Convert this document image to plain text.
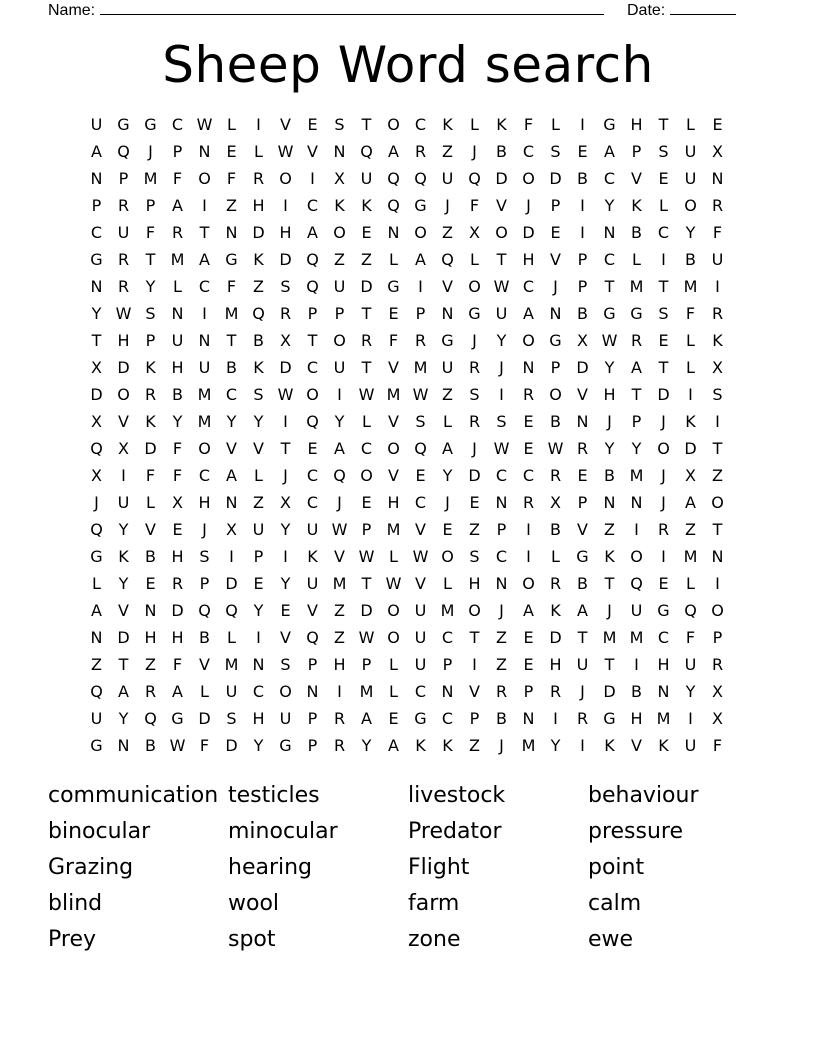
Name:	Date:
Sheep Word search
U G G C W L	I	V	E	S	T O C	K	L	K	F	L	I	G H	T	L	E
A Q	J	P	N E	L W V N Q A R Z	J	B C	S	E	A	P	S	U X
N	P M F	O	F	R O	I	X U Q Q U Q D O D B C V	E	U N
P	R	P	A	I	Z H	I	C	K	K Q G	J	F	V	J	P	I	Y	K	L	O R
C U	F	R	T	N D H A O E N O Z	X O D E	I	N B C	Y	F
G R	T M A G K D Q Z	Z	L	A Q	L	T	H V	P	C	L	I	B U
N R	Y	L	C	F	Z	S Q U D G	I	V O W C	J	P	T M T M	I
Y W S N	I	M Q R	P	P	T	E	P	N G U A N B G G S	F	R
T	H	P	U N	T	B	X	T O R	F	R G	J	Y O G X W R	E	L	K
X D K H U B	K D C U	T	V M U R	J	N	P	D Y	A	T	L	X
D O R B M C	S W O	I	W M W Z	S	I	R O V H	T D	I	S
X	V	K	Y M Y	Y	I	Q Y	L	V	S	L	R	S	E	B N	J	P	J	K	I
Q X D	F	O V	V	T	E	A C O Q A	J	W E W R	Y	Y O D T
X	I	F	F	C A	L	J	C Q O V	E	Y D C C R	E	B M	J	X	Z
J	U	L	X H N Z	X C	J	E H C	J	E N R X	P	N N	J	A O
Q Y	V	E	J	X U	Y	U W P M V	E	Z	P	I	B	V	Z	I	R Z	T
G K	B H S	I	P	I	K	V W L W O S	C	I	L	G K O	I	M N
L	Y	E	R	P	D E	Y	U M T W V	L	H N O R B	T Q E	L	I
A	V N D Q Q Y	E	V	Z D O U M O	J	A	K	A	J	U G Q O
N D H H B	L	I	V Q Z W O U C	T	Z	E D T M M C	F	P
Z	T	Z	F	V M N S	P	H	P	L	U	P	I	Z	E H U	T	I	H U R
Q A R A	L	U C O N	I	M L	C N V R	P	R	J	D B N	Y	X
U	Y Q G D S H U	P	R A	E G C	P	B N	I	R G H M	I	X
G N B W F	D Y G P	R	Y	A	K	K	Z	J	M Y	I	K	V	K U	F
communication testicles	livestock	behaviour
binocular	minocular	Predator	pressure
Grazing	hearing	Flight	point
blind	wool	farm	calm
Prey	spot	zone	ewe
